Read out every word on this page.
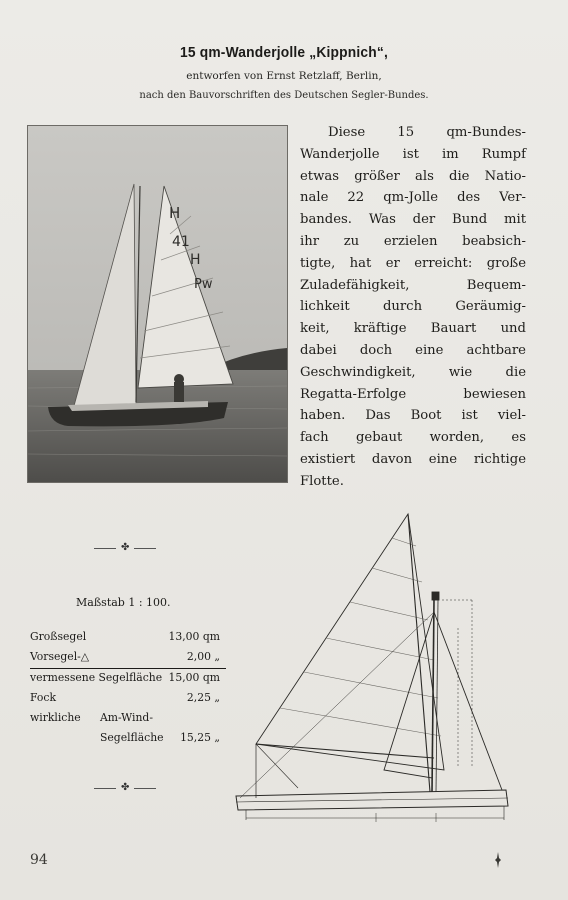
15 qm-Wanderjolle „Kippnich“,
entworfen von Ernst Retzlaff, Berlin,
nach den Bauvorschriften des Deutschen Segler-Bundes.
H
41
H
Pw
Diese 15 qm-Bundes-
Wanderjolle ist im Rumpf
etwas größer als die Natio-
nale 22 qm-Jolle des Ver-
bandes. Was der Bund mit
ihr zu erzielen beabsich-
tigte, hat er erreicht: große
Zuladefähigkeit, Bequem-
lichkeit durch Geräumig-
keit, kräftige Bauart und
dabei doch eine achtbare
Geschwindigkeit, wie die
Regatta-Erfolge bewiesen
haben. Das Boot ist viel-
fach gebaut worden, es
existiert davon eine richtige
Flotte.
✤
Maßstab 1 : 100.
Großsegel	13,00 qm
Vorsegel-△	2,00 „
vermessene Segelfläche 15,00 qm
Fock	2,25 „
wirkliche Am-Wind-
Segelfläche 15,25 „
✤
94
